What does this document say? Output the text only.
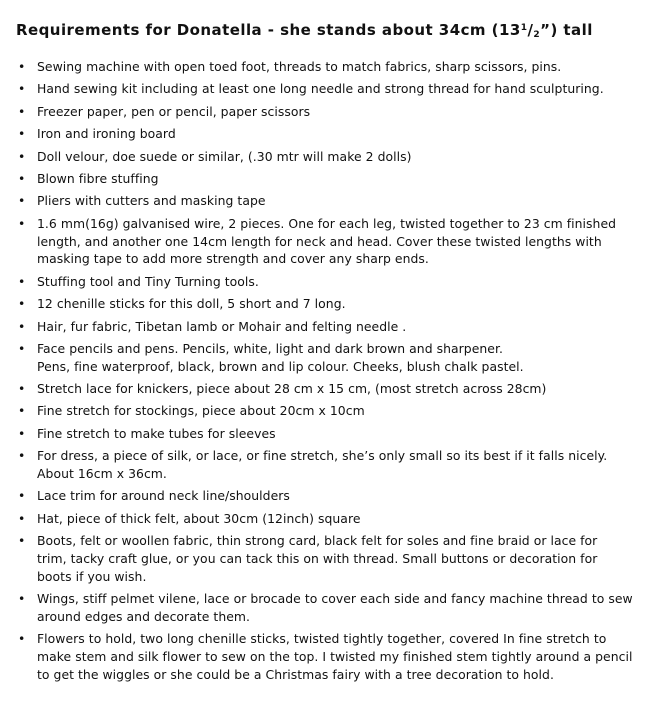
Requirements for Donatella - she stands about 34cm $(13^1/_2”)$ tall
• Sewing machine with open toed foot, threads to match fabrics, sharp scissors, pins.
• Hand sewing kit including at least one long needle and strong thread for hand sculpturing.
• Freezer paper, pen or pencil, paper scissors
• Iron and ironing board
• Doll velour, doe suede or similar, (.30 mtr will make 2 dolls)
• Blown fibre stuffing
• Pliers with cutters and masking tape
• 1.6 mm(16g) galvanised wire, 2 pieces. One for each leg, twisted together to 23 cm finished
length, and another one 14cm length for neck and head. Cover these twisted lengths with
masking tape to add more strength and cover any sharp ends.
• Stuffing tool and Tiny Turning tools.
• 12 chenille sticks for this doll, 5 short and 7 long.
• Hair, fur fabric, Tibetan lamb or Mohair and felting needle .
• Face pencils and pens. Pencils, white, light and dark brown and sharpener.
Pens, fine waterproof, black, brown and lip colour. Cheeks, blush chalk pastel.
• Stretch lace for knickers, piece about 28 cm x 15 cm, (most stretch across 28cm)
• Fine stretch for stockings, piece about 20cm x 10cm
• Fine stretch to make tubes for sleeves
• For dress, a piece of silk, or lace, or fine stretch, she’s only small so its best if it falls nicely.
About 16cm x 36cm.
• Lace trim for around neck line/shoulders
• Hat, piece of thick felt, about 30cm (12inch) square
• Boots, felt or woollen fabric, thin strong card, black felt for soles and fine braid or lace for
trim, tacky craft glue, or you can tack this on with thread. Small buttons or decoration for
boots if you wish.
• Wings, stiff pelmet vilene, lace or brocade to cover each side and fancy machine thread to sew
around edges and decorate them.
• Flowers to hold, two long chenille sticks, twisted tightly together, covered In fine stretch to
make stem and silk flower to sew on the top. I twisted my finished stem tightly around a pencil
to get the wiggles or she could be a Christmas fairy with a tree decoration to hold.
